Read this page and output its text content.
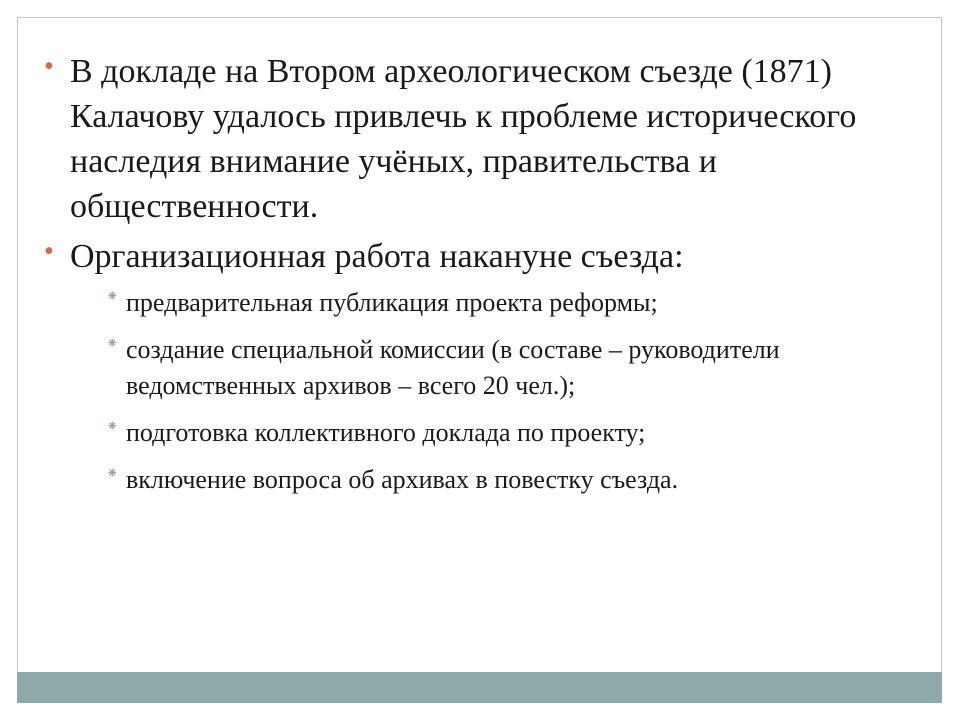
• В докладе на Втором археологическом съезде (1871) Калачову удалось привлечь к проблеме исторического наследия внимание учёных, правительства и общественности.
• Организационная работа накануне съезда:
⁕ предварительная публикация проекта реформы;
⁕ создание специальной комиссии (в составе – руководители ведомственных архивов – всего 20 чел.);
⁕ подготовка коллективного доклада по проекту;
⁕ включение вопроса об архивах в повестку съезда.
